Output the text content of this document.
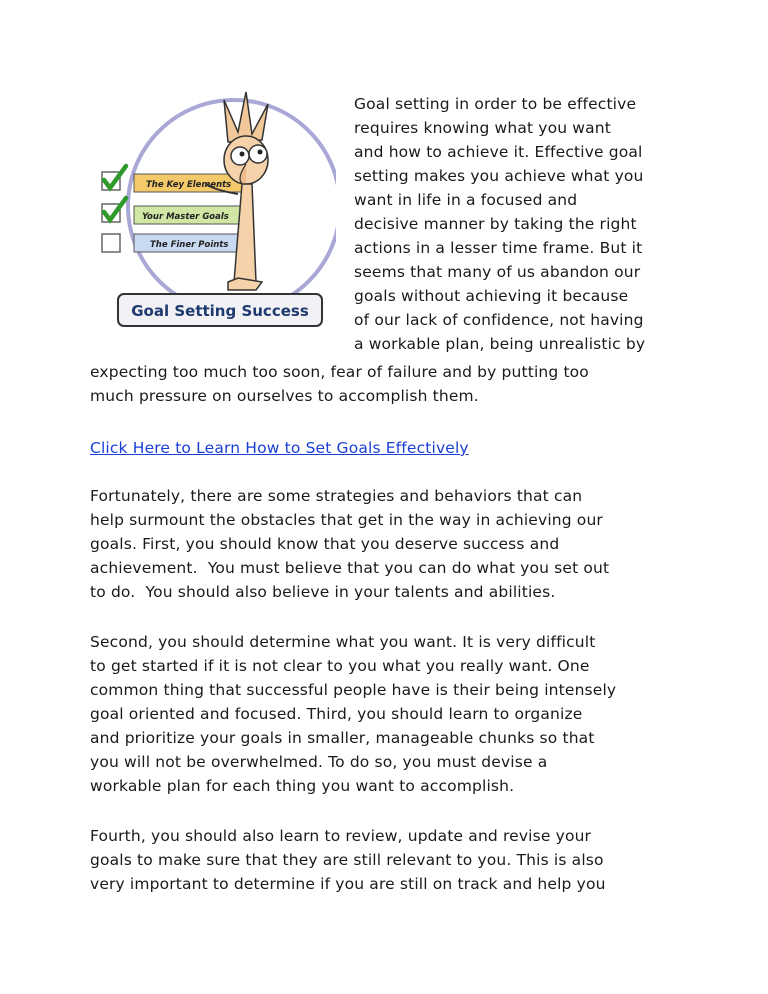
The Key Elements
Your Master Goals
The Finer Points
Goal Setting Success
Goal setting in order to be effective
requires knowing what you want
and how to achieve it. Effective goal
setting makes you achieve what you
want in life in a focused and
decisive manner by taking the right
actions in a lesser time frame. But it
seems that many of us abandon our
goals without achieving it because
of our lack of confidence, not having
a workable plan, being unrealistic by
expecting too much too soon, fear of failure and by putting too
much pressure on ourselves to accomplish them.
Click Here to Learn How to Set Goals Effectively
Fortunately, there are some strategies and behaviors that can
help surmount the obstacles that get in the way in achieving our
goals. First, you should know that you deserve success and
achievement.  You must believe that you can do what you set out
to do.  You should also believe in your talents and abilities.
Second, you should determine what you want. It is very difficult
to get started if it is not clear to you what you really want. One
common thing that successful people have is their being intensely
goal oriented and focused. Third, you should learn to organize
and prioritize your goals in smaller, manageable chunks so that
you will not be overwhelmed. To do so, you must devise a
workable plan for each thing you want to accomplish.
Fourth, you should also learn to review, update and revise your
goals to make sure that they are still relevant to you. This is also
very important to determine if you are still on track and help you
